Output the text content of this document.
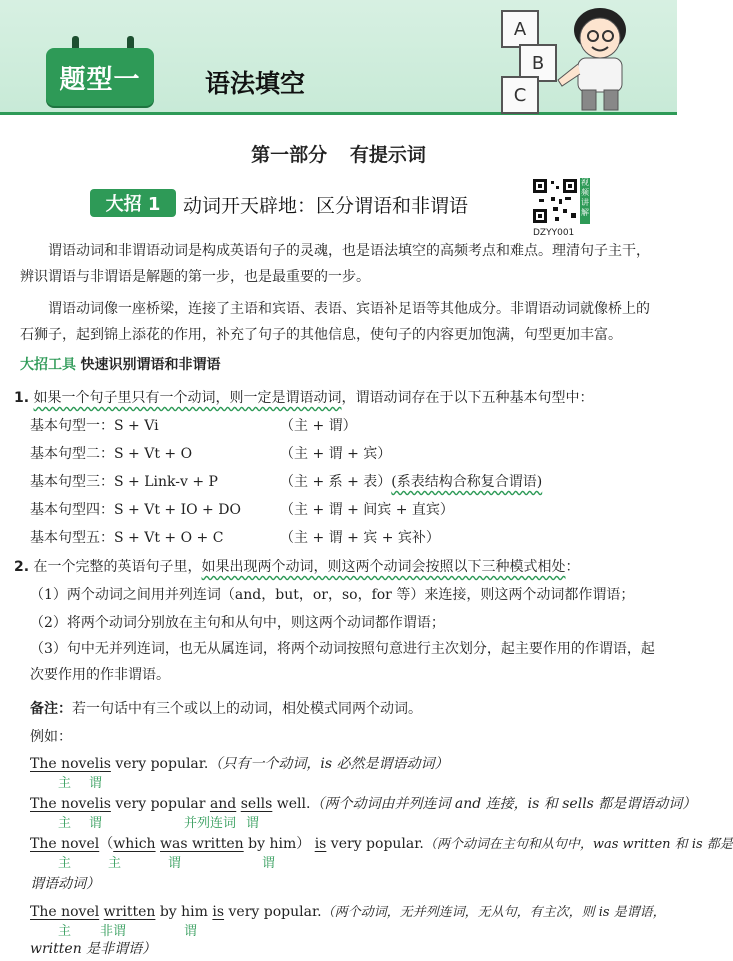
题型一	语法填空
A
B
C
第一部分 有提示词
大招 1	动词开天辟地：区分谓语和非谓语
视频讲解
DZYY001
谓语动词和非谓语动词是构成英语句子的灵魂，也是语法填空的高频考点和难点。理清句子主干，辨识谓语与非谓语是解题的第一步，也是最重要的一步。
谓语动词像一座桥梁，连接了主语和宾语、表语、宾语补足语等其他成分。非谓语动词就像桥上的石狮子，起到锦上添花的作用，补充了句子的其他信息，使句子的内容更加饱满，句型更加丰富。
大招工具 快速识别谓语和非谓语
1. 如果一个句子里只有一个动词，则一定是谓语动词，谓语动词存在于以下五种基本句型中：
基本句型一：S + Vi	（主 + 谓）
基本句型二：S + Vt + O	（主 + 谓 + 宾）
基本句型三：S + Link-v + P	（主 + 系 + 表）(系表结构合称复合谓语)
基本句型四：S + Vt + IO + DO	（主 + 谓 + 间宾 + 直宾）
基本句型五：S + Vt + O + C	（主 + 谓 + 宾 + 宾补）
2. 在一个完整的英语句子里，如果出现两个动词，则这两个动词会按照以下三种模式相处：
（1）两个动词之间用并列连词（and，but，or，so，for 等）来连接，则这两个动词都作谓语；
（2）将两个动词分别放在主句和从句中，则这两个动词都作谓语；
（3）句中无并列连词，也无从属连词，将两个动词按照句意进行主次划分，起主要作用的作谓语，起次要作用的作非谓语。
备注：若一句话中有三个或以上的动词，相处模式同两个动词。
例如：
The novelis very popular.（只有一个动词，is 必然是谓语动词）
主 谓
The novelis very popular and sells well.（两个动词由并列连词 and 连接，is 和 sells 都是谓语动词）
主 谓	并列连词 谓
The novel（which was written by him） is very popular.（两个动词在主句和从句中，was written 和 is 都是
主	主	谓	谓
谓语动词）
The novel written by him is very popular.（两个动词，无并列连词，无从句，有主次，则 is 是谓语，
主 非谓	谓
written 是非谓语）
